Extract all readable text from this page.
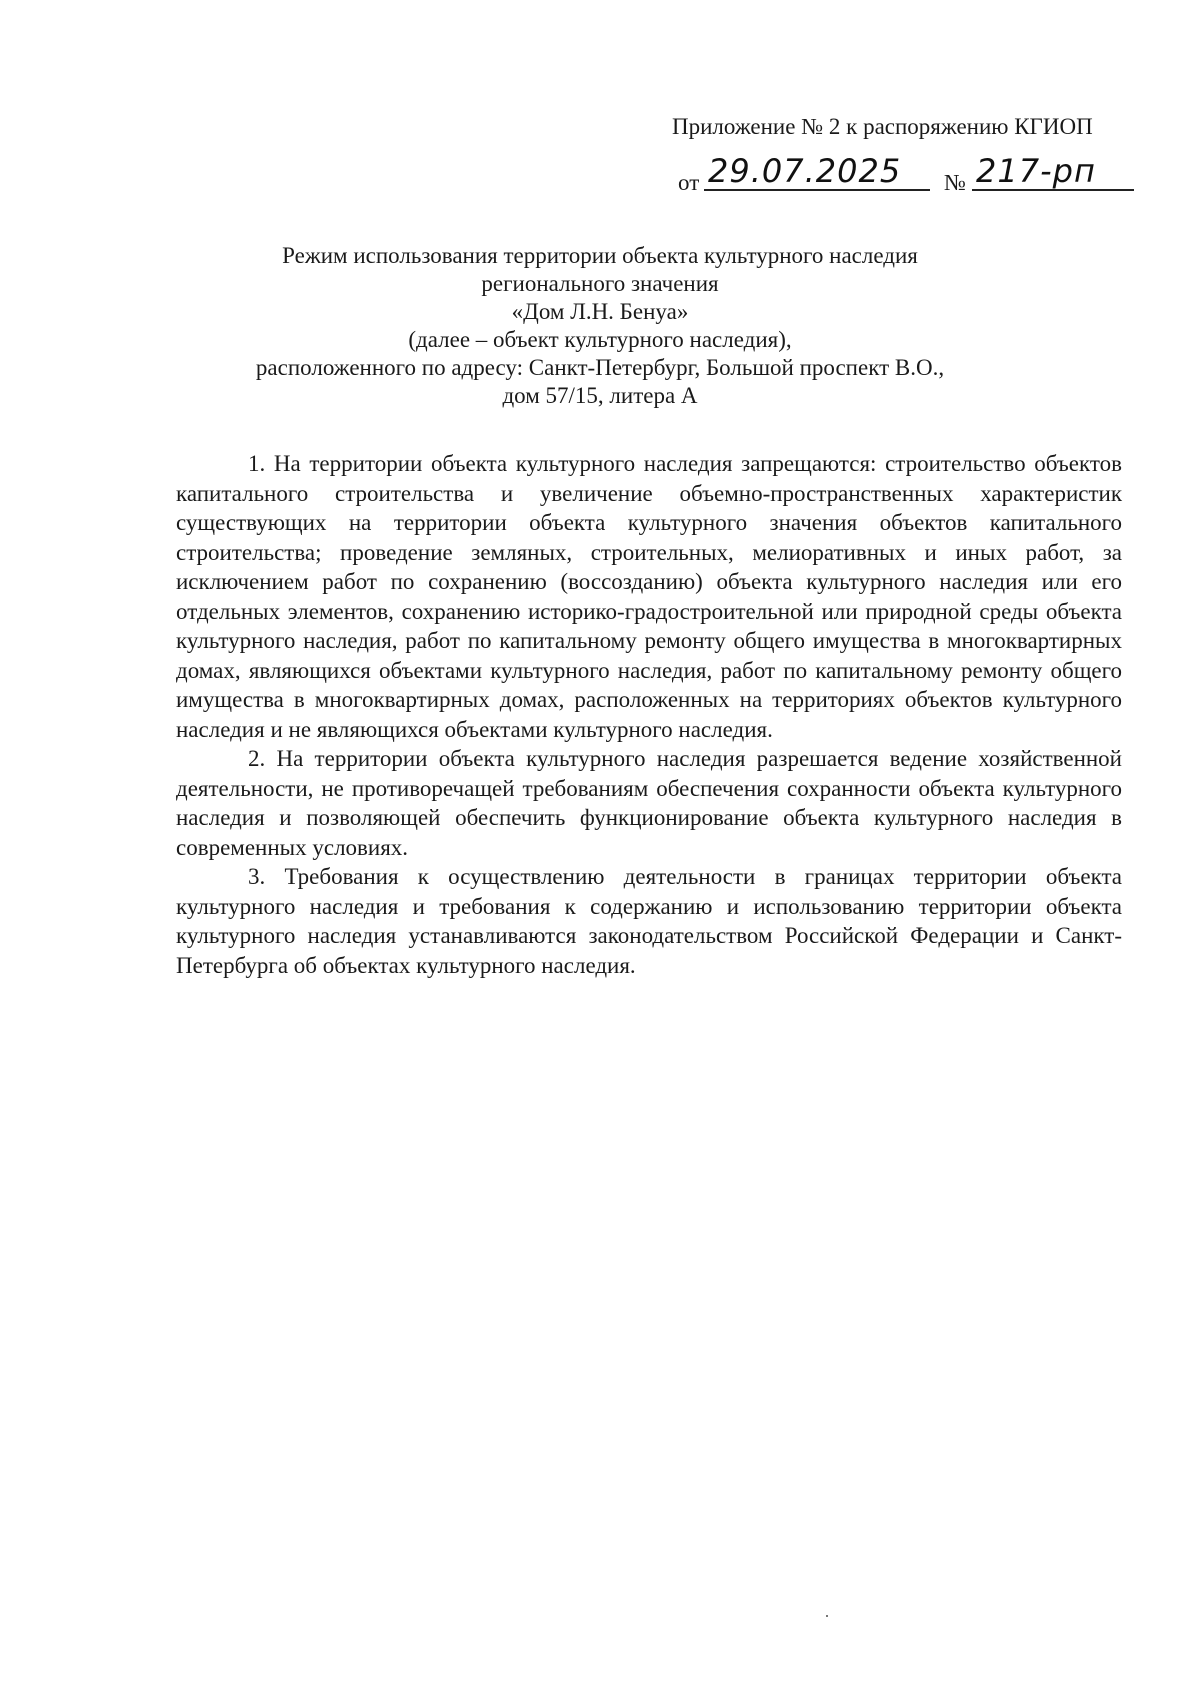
Приложение № 2 к распоряжению КГИОП
от 29.07.2025 № 217-рп
Режим использования территории объекта культурного наследия
регионального значения
«Дом Л.Н. Бенуа»
(далее – объект культурного наследия),
расположенного по адресу: Санкт-Петербург, Большой проспект В.О.,
дом 57/15, литера А

1. На территории объекта культурного наследия запрещаются: строительство объектов капитального строительства и увеличение объемно-пространственных характеристик существующих на территории объекта культурного значения объектов капитального строительства; проведение земляных, строительных, мелиоративных и иных работ, за исключением работ по сохранению (воссозданию) объекта культурного наследия или его отдельных элементов, сохранению историко-градостроительной или природной среды объекта культурного наследия, работ по капитальному ремонту общего имущества в многоквартирных домах, являющихся объектами культурного наследия, работ по капитальному ремонту общего имущества в многоквартирных домах, расположенных на территориях объектов культурного наследия и не являющихся объектами культурного наследия.

2. На территории объекта культурного наследия разрешается ведение хозяйственной деятельности, не противоречащей требованиям обеспечения сохранности объекта культурного наследия и позволяющей обеспечить функционирование объекта культурного наследия в современных условиях.

3. Требования к осуществлению деятельности в границах территории объекта культурного наследия и требования к содержанию и использованию территории объекта культурного наследия устанавливаются законодательством Российской Федерации и Санкт-Петербурга об объектах культурного наследия.
